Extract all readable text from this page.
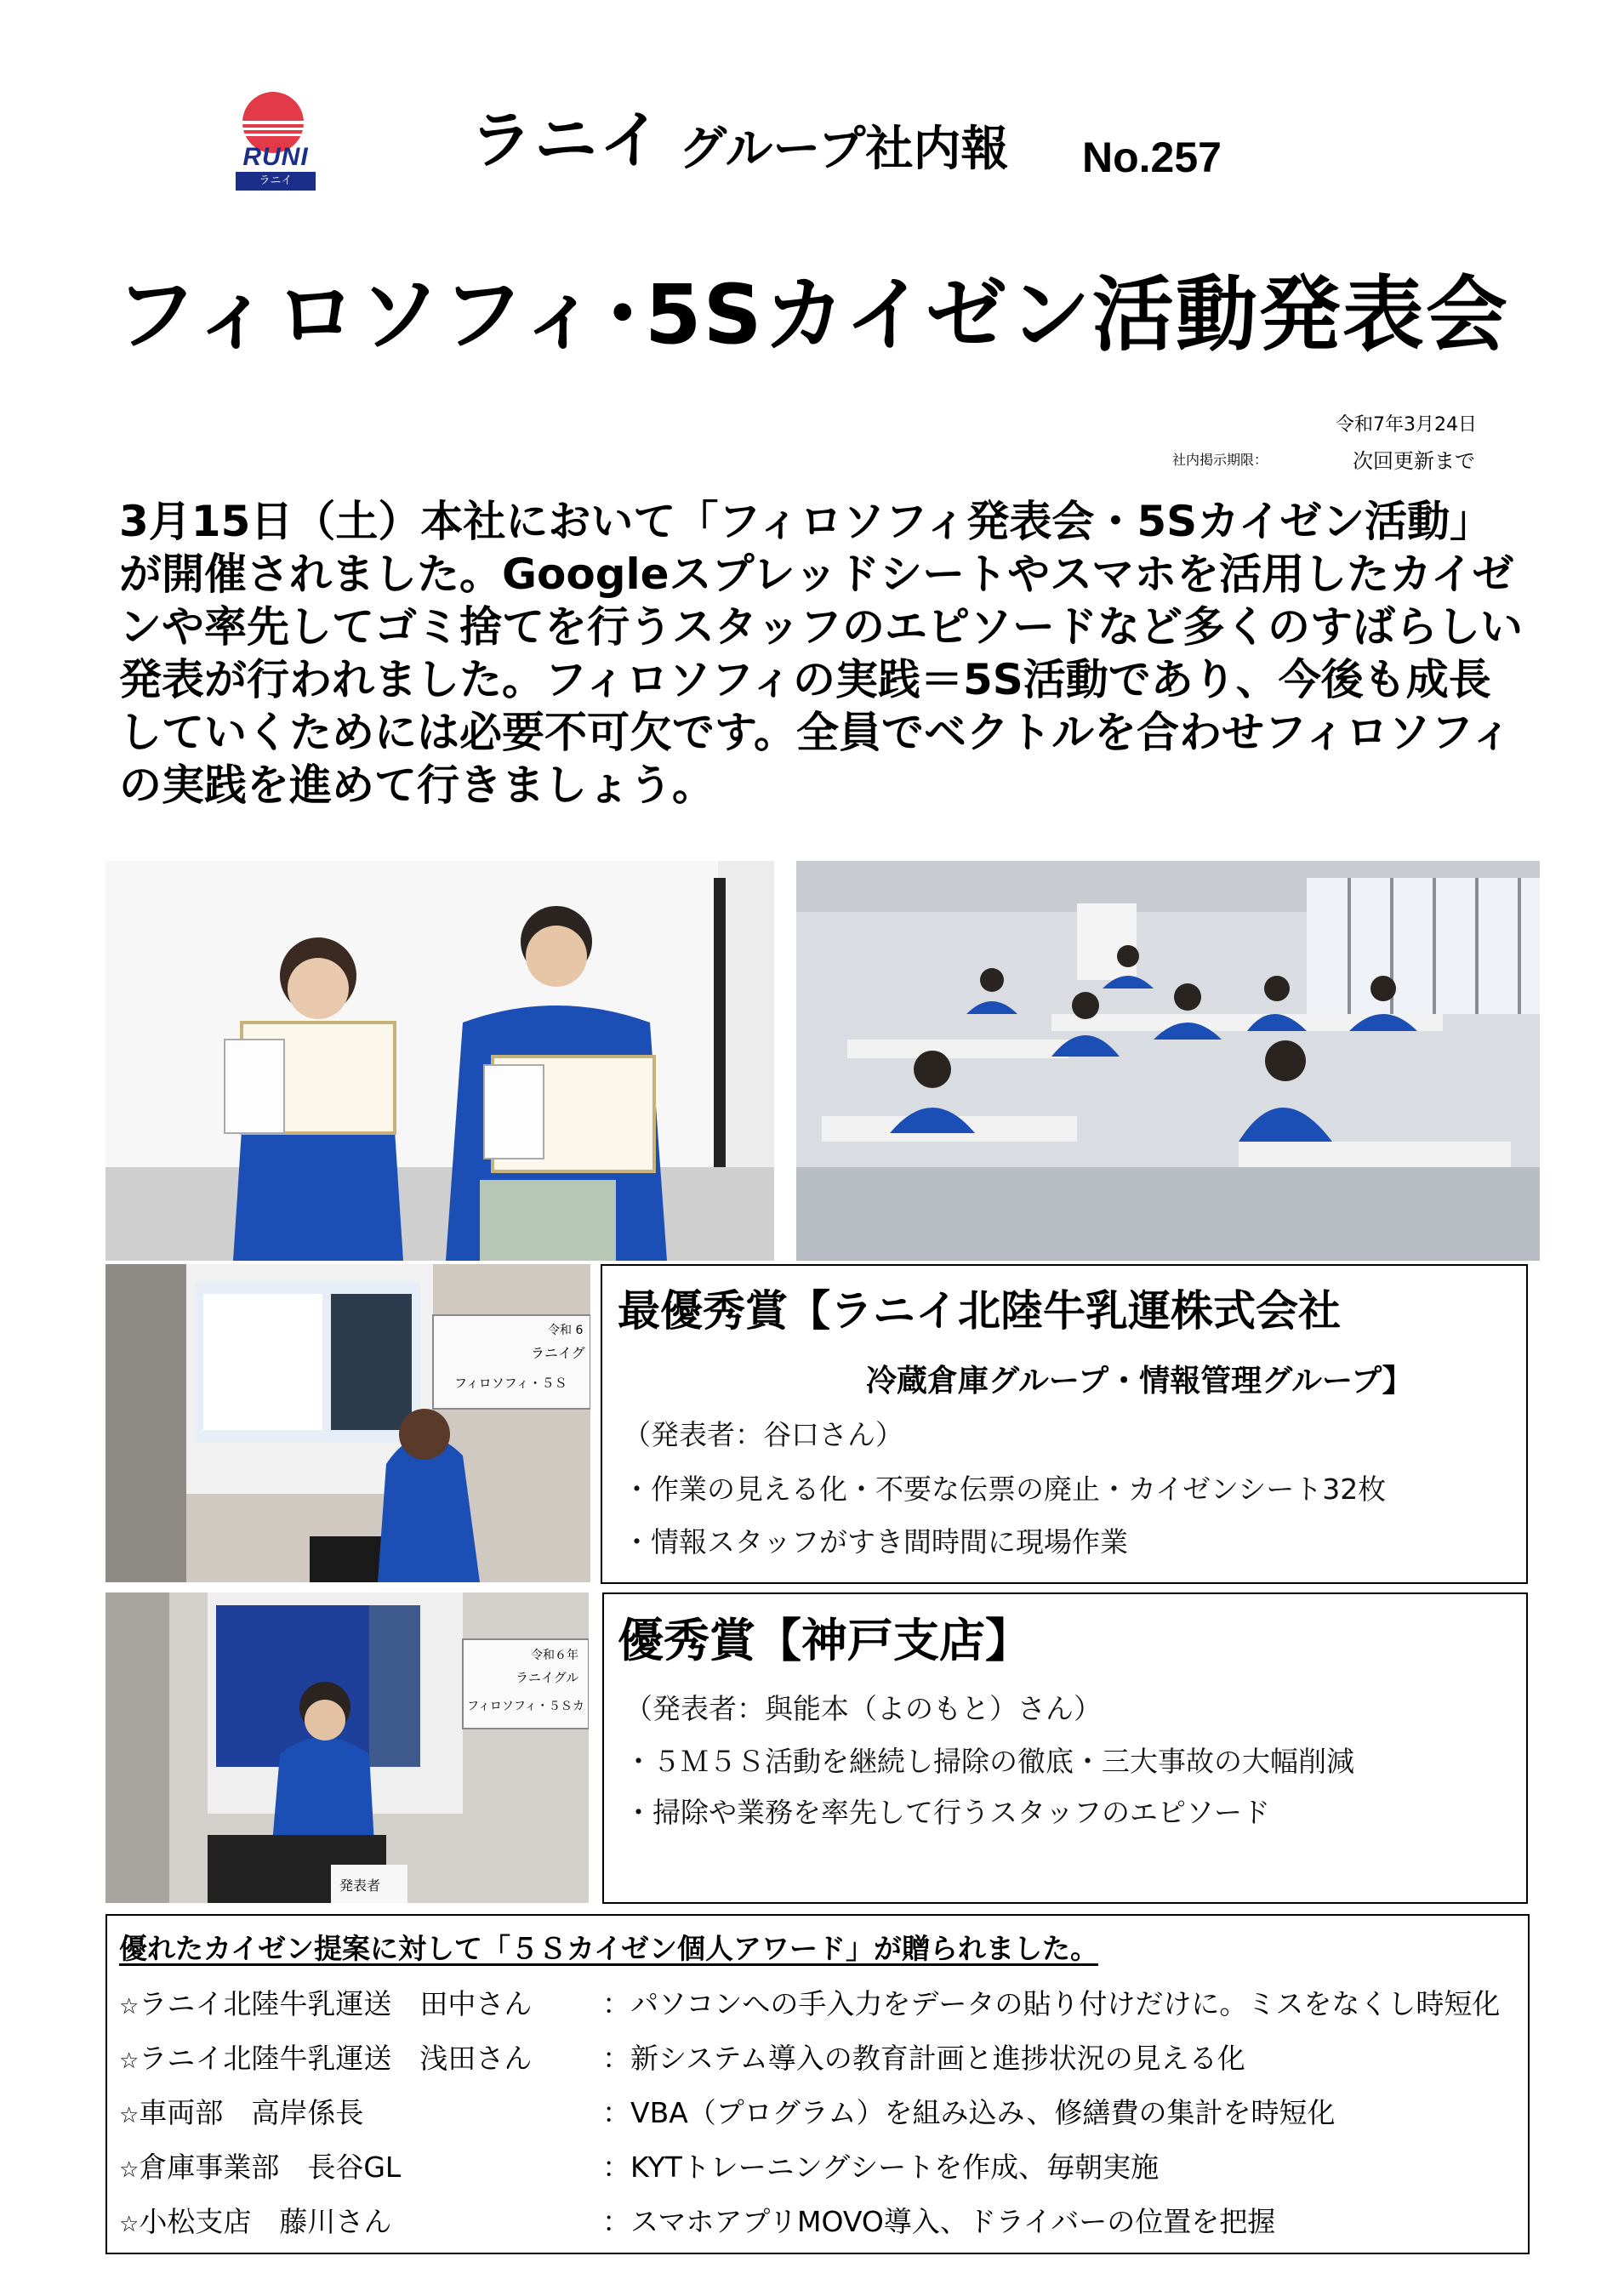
RUNI
ラニイ
ラニイ グループ社内報 No.257
フィロソフィ･5Sカイゼン活動発表会
令和7年3月24日
社内掲示期限：	次回更新まで
3月15日（土）本社において「フィロソフィ発表会・5Sカイゼン活動」が開催されました。Googleスプレッドシートやスマホを活用したカイゼンや率先してゴミ捨てを行うスタッフのエピソードなど多くのすばらしい発表が行われました。フィロソフィの実践＝5S活動であり、今後も成長していくためには必要不可欠です。全員でベクトルを合わせフィロソフィの実践を進めて行きましょう。
令和 6
ラニイグ
フィロソフィ・５Ｓ
令和６年
ラニイグル
フィロソフィ・５Ｓカ
発表者
最優秀賞【ラニイ北陸牛乳運株式会社
冷蔵倉庫グループ・情報管理グループ】
（発表者：谷口さん）
・作業の見える化・不要な伝票の廃止・カイゼンシート32枚
・情報スタッフがすき間時間に現場作業
優秀賞【神戸支店】
（発表者：與能本（よのもと）さん）
・５Ｍ５Ｓ活動を継続し掃除の徹底・三大事故の大幅削減
・掃除や業務を率先して行うスタッフのエピソード
優れたカイゼン提案に対して「５Ｓカイゼン個人アワード」が贈られました。
☆ラニイ北陸牛乳運送　田中さん	：パソコンへの手入力をデータの貼り付けだけに。ミスをなくし時短化
☆ラニイ北陸牛乳運送　浅田さん	：新システム導入の教育計画と進捗状況の見える化
☆車両部　高岸係長	：VBA（プログラム）を組み込み、修繕費の集計を時短化
☆倉庫事業部　長谷GL	：KYTトレーニングシートを作成、毎朝実施
☆小松支店　藤川さん	：スマホアプリMOVO導入、ドライバーの位置を把握
